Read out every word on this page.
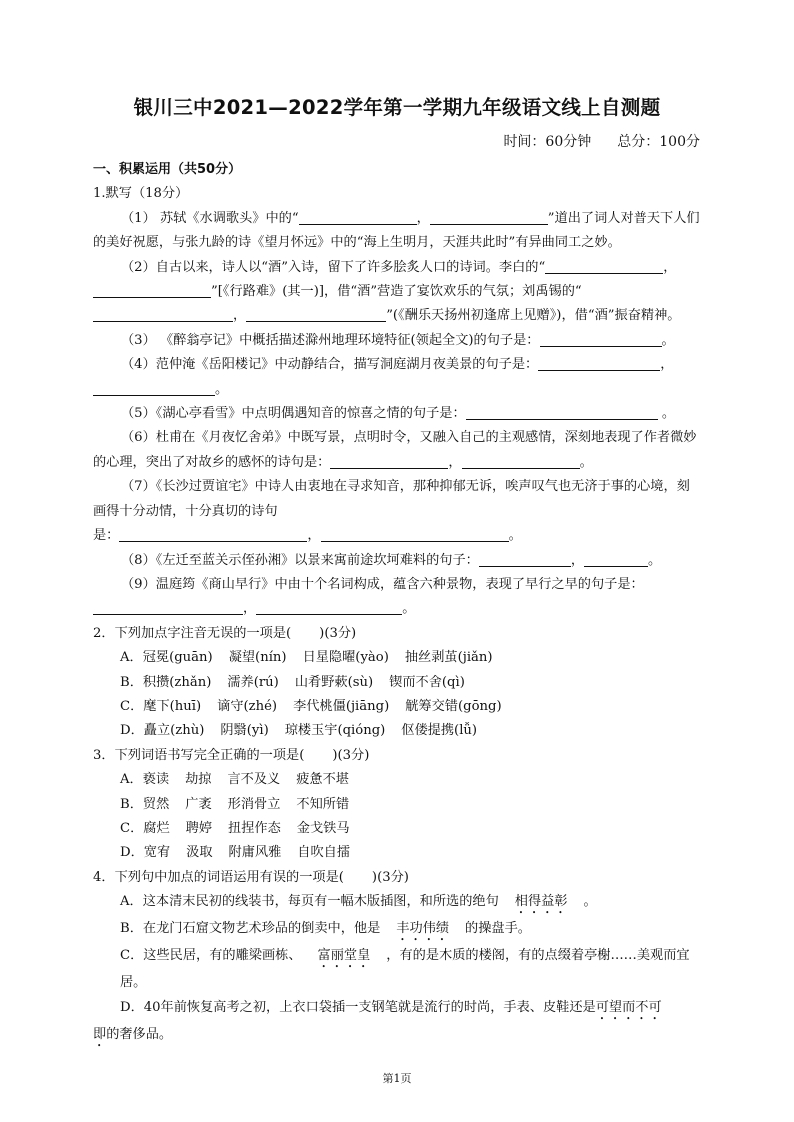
银川三中2021—2022学年第一学期九年级语文线上自测题
时间：60分钟 总分：100分

一、积累运用（共50分）

1.默写（18分）

（1） 苏轼《水调歌头》中的“	，	”道出了词人对普天下人们的美好祝愿，与张九龄的诗《望月怀远》中的“海上生明月，天涯共此时”有异曲同工之妙。

（2）自古以来，诗人以“酒”入诗，留下了许多脍炙人口的诗词。李白的“	，
”[《行路难》(其一)]，借“酒”营造了宴饮欢乐的气氛；刘禹锡的“，	”(《酬乐天扬州初逢席上见赠》)，借“酒”振奋精神。

（3） 《醉翁亭记》中概括描述滁州地理环境特征(领起全文)的句子是：	。

（4）范仲淹《岳阳楼记》中动静结合，描写洞庭湖月夜美景的句子是：	，
。

（5）《湖心亭看雪》中点明偶遇知音的惊喜之情的句子是：	。

（6）杜甫在《月夜忆舍弟》中既写景，点明时令，又融入自己的主观感情，深刻地表现了作者微妙的心理，突出了对故乡的感怀的诗句是：	，	。

（7）《长沙过贾谊宅》中诗人由衷地在寻求知音，那种抑郁无诉，唉声叹气也无济于事的心境，刻画得十分动情，十分真切的诗句

是：	，	。

（8）《左迁至蓝关示侄孙湘》以景来寓前途坎坷难料的句子：	，	。

（9）温庭筠《商山早行》中由十个名词构成，蕴含六种景物，表现了早行之早的句子是：

，	。

2．下列加点字注音无误的一项是( )(3分)

A．冠冕(guān) 凝望(nín) 日星隐曜(yào) 抽丝剥茧(jiǎn)

B．积攒(zhǎn) 濡养(rú) 山肴野蔌(sù) 锲而不舍(qì)

C．麾下(huī) 谪守(zhé) 李代桃僵(jiāng) 觥筹交错(gōng)

D．矗立(zhù) 阴翳(yì) 琼楼玉宇(qióng) 伛偻提携(lǚ)

3．下列词语书写完全正确的一项是( )(3分)

A．亵读 劫掠 言不及义 疲惫不堪

B．贸然 广袤 形消骨立 不知所错

C．腐烂 聘婷 扭捏作态 金戈铁马

D．宽宥 汲取 附庸风雅 自吹自擂

4．下列句中加点的词语运用有误的一项是( )(3分)

A．这本清末民初的线装书，每页有一幅木版插图，和所选的绝句 相得益彰 。

B．在龙门石窟文物艺术珍品的倒卖中，他是 丰功伟绩 的操盘手。

C．这些民居，有的雕梁画栋、 富丽堂皇 ，有的是木质的楼阁，有的点缀着亭榭……美观而宜居。

D．40年前恢复高考之初，上衣口袋插一支钢笔就是流行的时尚，手表、皮鞋还是可望而不可
即的奢侈品。

第1页
